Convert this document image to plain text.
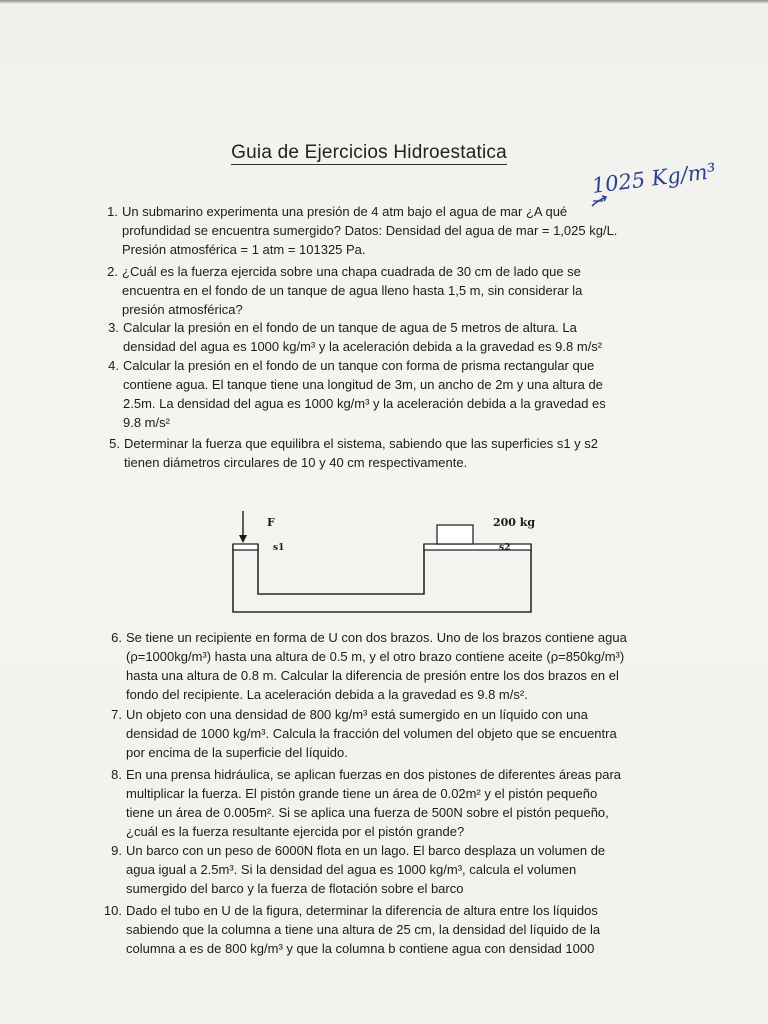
Guia de Ejercicios Hidroestatica
1025 Kg/m³
1. Un submarino experimenta una presión de 4 atm bajo el agua de mar ¿A qué
profundidad se encuentra sumergido? Datos: Densidad del agua de mar = 1,025 kg/L.
Presión atmosférica = 1 atm = 101325 Pa.
2. ¿Cuál es la fuerza ejercida sobre una chapa cuadrada de 30 cm de lado que se
encuentra en el fondo de un tanque de agua lleno hasta 1,5 m, sin considerar la
presión atmosférica?
3. Calcular la presión en el fondo de un tanque de agua de 5 metros de altura. La
densidad del agua es 1000 kg/m³ y la aceleración debida a la gravedad es 9.8 m/s²
4. Calcular la presión en el fondo de un tanque con forma de prisma rectangular que
contiene agua. El tanque tiene una longitud de 3m, un ancho de 2m y una altura de
2.5m. La densidad del agua es 1000 kg/m³ y la aceleración debida a la gravedad es
9.8 m/s²
5. Determinar la fuerza que equilibra el sistema, sabiendo que las superficies s1 y s2
tienen diámetros circulares de 10 y 40 cm respectivamente.
6. Se tiene un recipiente en forma de U con dos brazos. Uno de los brazos contiene agua
(ρ=1000kg/m³) hasta una altura de 0.5 m, y el otro brazo contiene aceite (ρ=850kg/m³)
hasta una altura de 0.8 m. Calcular la diferencia de presión entre los dos brazos en el
fondo del recipiente. La aceleración debida a la gravedad es 9.8 m/s².
7. Un objeto con una densidad de 800 kg/m³ está sumergido en un líquido con una
densidad de 1000 kg/m³. Calcula la fracción del volumen del objeto que se encuentra
por encima de la superficie del líquido.
8. En una prensa hidráulica, se aplican fuerzas en dos pistones de diferentes áreas para
multiplicar la fuerza. El pistón grande tiene un área de 0.02m² y el pistón pequeño
tiene un área de 0.005m². Si se aplica una fuerza de 500N sobre el pistón pequeño,
¿cuál es la fuerza resultante ejercida por el pistón grande?
9. Un barco con un peso de 6000N flota en un lago. El barco desplaza un volumen de
agua igual a 2.5m³. Si la densidad del agua es 1000 kg/m³, calcula el volumen
sumergido del barco y la fuerza de flotación sobre el barco
10. Dado el tubo en U de la figura, determinar la diferencia de altura entre los líquidos
sabiendo que la columna a tiene una altura de 25 cm, la densidad del líquido de la
columna a es de 800 kg/m³ y que la columna b contiene agua con densidad 1000
F
s1
200 kg
s2
